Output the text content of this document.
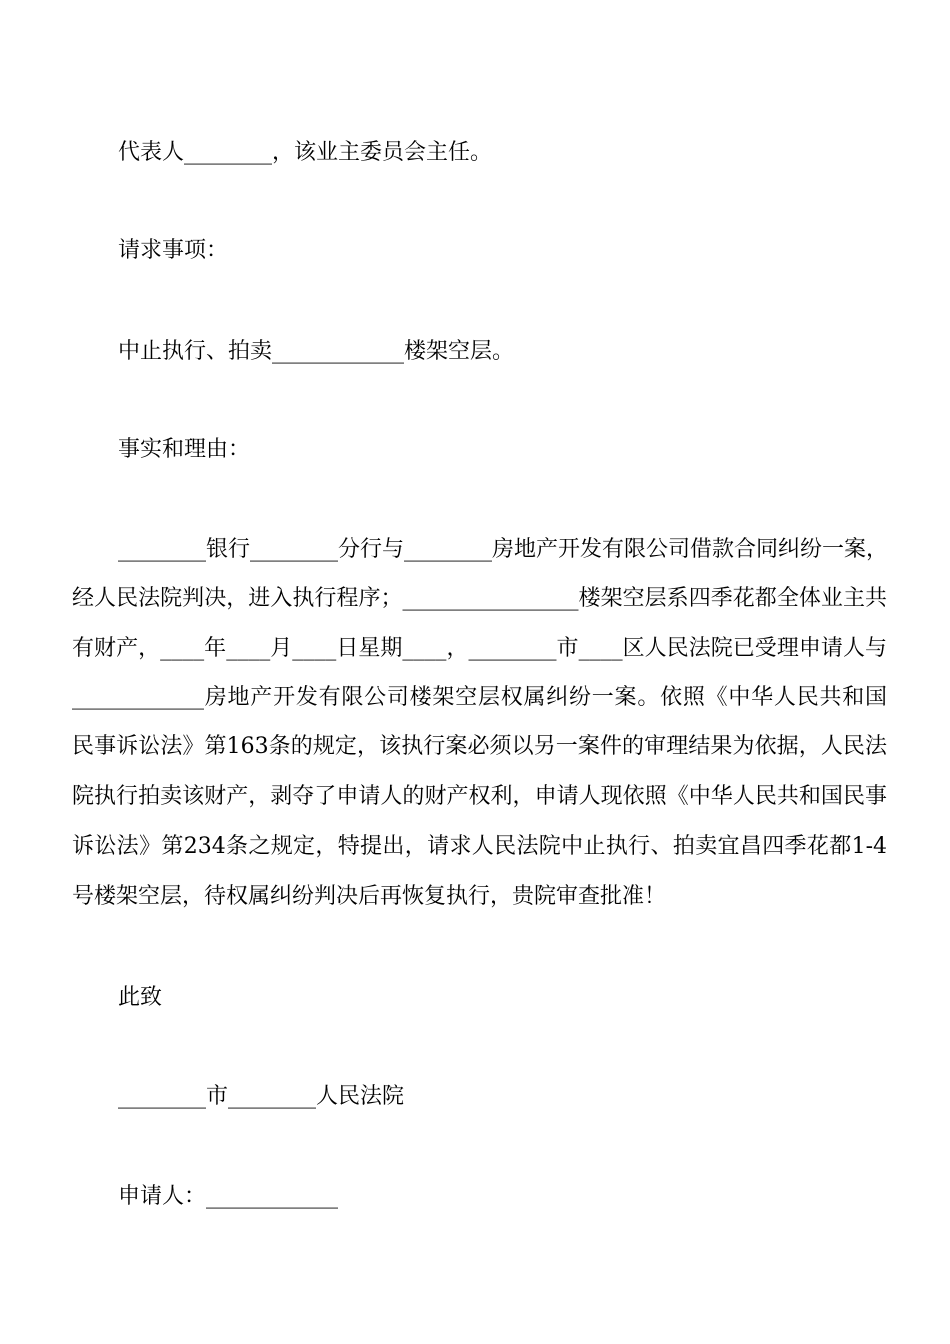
代表人________，该业主委员会主任。

请求事项：

中止执行、拍卖____________楼架空层。

事实和理由：

________银行________分行与________房地产开发有限公司借款合同纠纷一案，

经人民法院判决，进入执行程序；________________楼架空层系四季花都全体业主共

有财产，____年____月____日星期____，________市____区人民法院已受理申请人与

____________房地产开发有限公司楼架空层权属纠纷一案。依照《中华人民共和国

民事诉讼法》第163条的规定，该执行案必须以另一案件的审理结果为依据，人民法

院执行拍卖该财产，剥夺了申请人的财产权利，申请人现依照《中华人民共和国民事

诉讼法》第234条之规定，特提出，请求人民法院中止执行、拍卖宜昌四季花都1-4

号楼架空层，待权属纠纷判决后再恢复执行，贵院审查批准！

此致

________市________人民法院

申请人：____________
